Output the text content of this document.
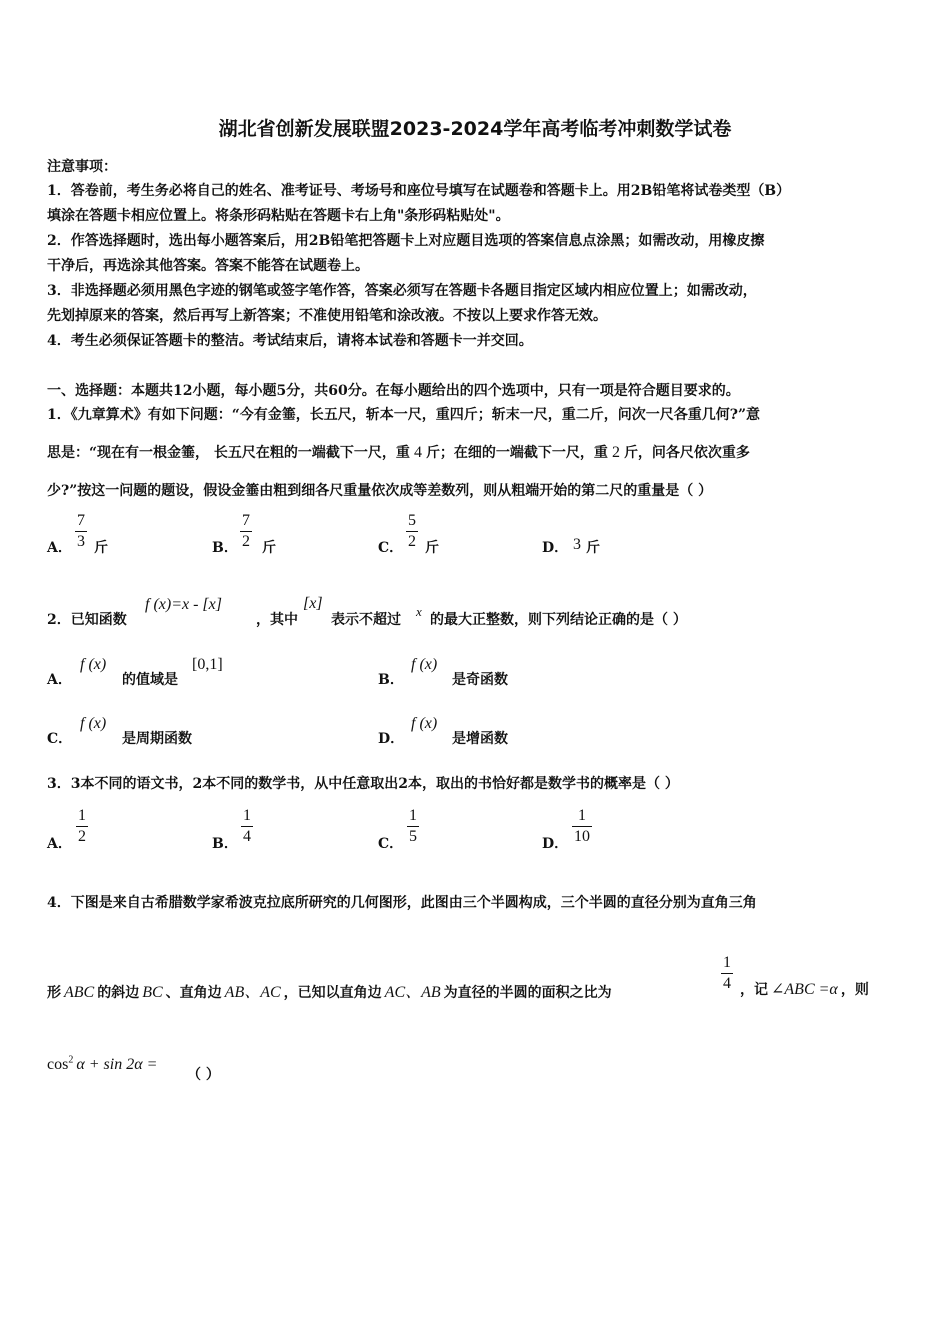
湖北省创新发展联盟2023-2024学年高考临考冲刺数学试卷
注意事项：
1．答卷前，考生务必将自己的姓名、准考证号、考场号和座位号填写在试题卷和答题卡上。用2B铅笔将试卷类型（B）
填涂在答题卡相应位置上。将条形码粘贴在答题卡右上角"条形码粘贴处"。
2．作答选择题时，选出每小题答案后，用2B铅笔把答题卡上对应题目选项的答案信息点涂黑；如需改动，用橡皮擦
干净后，再选涂其他答案。答案不能答在试题卷上。
3．非选择题必须用黑色字迹的钢笔或签字笔作答，答案必须写在答题卡各题目指定区域内相应位置上；如需改动，
先划掉原来的答案，然后再写上新答案；不准使用铅笔和涂改液。不按以上要求作答无效。
4．考生必须保证答题卡的整洁。考试结束后，请将本试卷和答题卡一并交回。
一、选择题：本题共12小题，每小题5分，共60分。在每小题给出的四个选项中，只有一项是符合题目要求的。
1．《九章算术》有如下问题：“今有金箠，长五尺，斩本一尺，重四斤；斩末一尺，重二斤，问次一尺各重几何?”意
思是：“现在有一根金箠， 长五尺在粗的一端截下一尺，重 4 斤；在细的一端截下一尺，重 2 斤，问各尺依次重多
少?”按这一问题的题设，假设金箠由粗到细各尺重量依次成等差数列，则从粗端开始的第二尺的重量是（ ）
A．
7
3 斤	B．
7
2 斤	C．
5
2 斤	D． 3 斤
2．已知函数
f (x)=x - [x]
，其中
[x]
表示不超过
x
的最大正整数，则下列结论正确的是（ ）
A．
f (x)
的值域是
[0,1]
B．
f (x)
是奇函数
C．
f (x)
是周期函数	D．
f (x)
是增函数
3．3本不同的语文书，2本不同的数学书，从中任意取出2本，取出的书恰好都是数学书的概率是（ ）
A．
1
2	B．
1
4	C．
1
5	D．
1
10
4．下图是来自古希腊数学家希波克拉底所研究的几何图形，此图由三个半圆构成，三个半圆的直径分别为直角三角
形 ABC 的斜边 BC 、直角边 AB、AC ，已知以直角边 AC、AB 为直径的半圆的面积之比为
1
4 ，记 ∠ABC =α ，则
$\cos^2 \alpha + \sin 2\alpha$ =
（ ）
